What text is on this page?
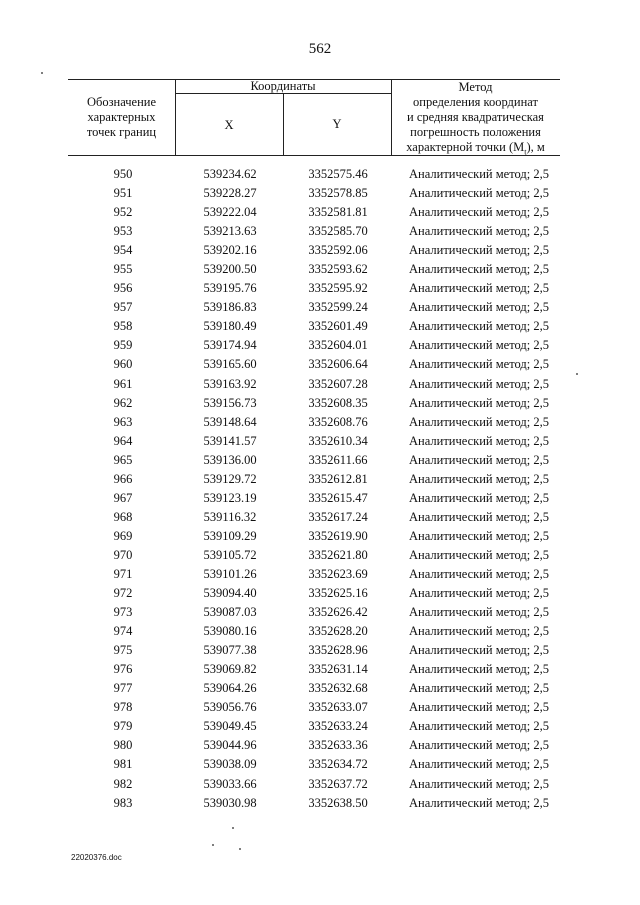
562
Обозначение
характерных
точек границ
Координаты
X	Y
Метод
определения координат
и средняя квадратическая
погрешность положения
характерной точки $(M_t)$, м
950	539234.62	3352575.46	Аналитический метод; 2,5
951	539228.27	3352578.85	Аналитический метод; 2,5
952	539222.04	3352581.81	Аналитический метод; 2,5
953	539213.63	3352585.70	Аналитический метод; 2,5
954	539202.16	3352592.06	Аналитический метод; 2,5
955	539200.50	3352593.62	Аналитический метод; 2,5
956	539195.76	3352595.92	Аналитический метод; 2,5
957	539186.83	3352599.24	Аналитический метод; 2,5
958	539180.49	3352601.49	Аналитический метод; 2,5
959	539174.94	3352604.01	Аналитический метод; 2,5
960	539165.60	3352606.64	Аналитический метод; 2,5
961	539163.92	3352607.28	Аналитический метод; 2,5
962	539156.73	3352608.35	Аналитический метод; 2,5
963	539148.64	3352608.76	Аналитический метод; 2,5
964	539141.57	3352610.34	Аналитический метод; 2,5
965	539136.00	3352611.66	Аналитический метод; 2,5
966	539129.72	3352612.81	Аналитический метод; 2,5
967	539123.19	3352615.47	Аналитический метод; 2,5
968	539116.32	3352617.24	Аналитический метод; 2,5
969	539109.29	3352619.90	Аналитический метод; 2,5
970	539105.72	3352621.80	Аналитический метод; 2,5
971	539101.26	3352623.69	Аналитический метод; 2,5
972	539094.40	3352625.16	Аналитический метод; 2,5
973	539087.03	3352626.42	Аналитический метод; 2,5
974	539080.16	3352628.20	Аналитический метод; 2,5
975	539077.38	3352628.96	Аналитический метод; 2,5
976	539069.82	3352631.14	Аналитический метод; 2,5
977	539064.26	3352632.68	Аналитический метод; 2,5
978	539056.76	3352633.07	Аналитический метод; 2,5
979	539049.45	3352633.24	Аналитический метод; 2,5
980	539044.96	3352633.36	Аналитический метод; 2,5
981	539038.09	3352634.72	Аналитический метод; 2,5
982	539033.66	3352637.72	Аналитический метод; 2,5
983	539030.98	3352638.50	Аналитический метод; 2,5
22020376.doc
